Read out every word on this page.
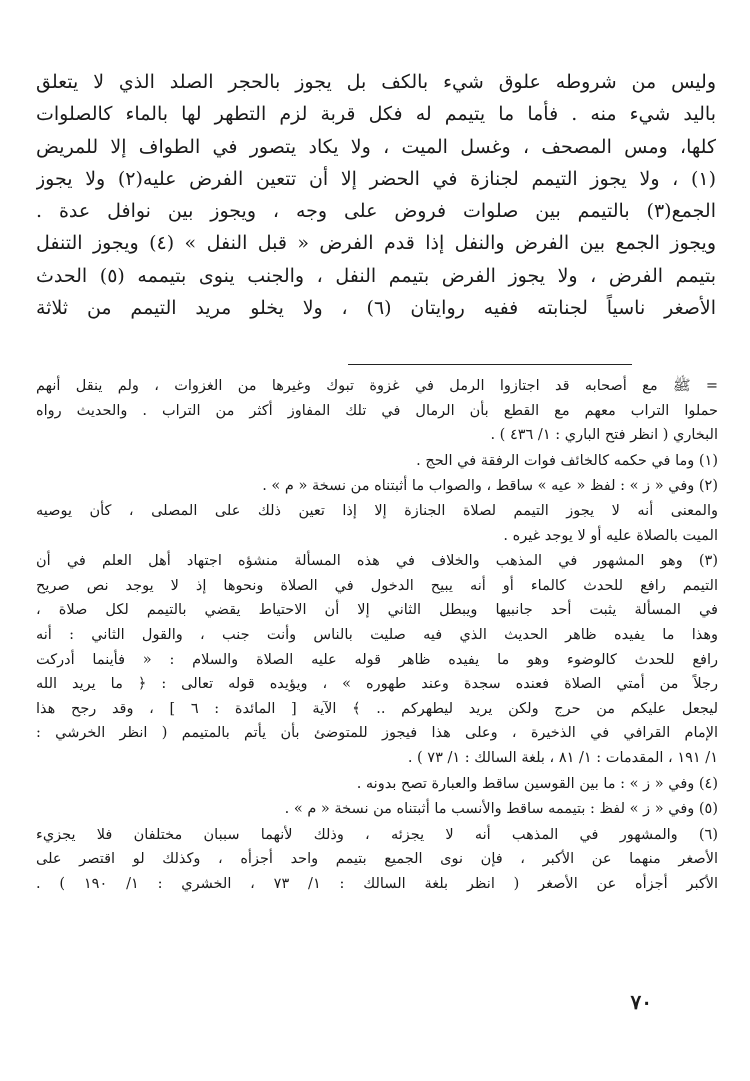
وليس من شروطه علوق شيء بالكف بل يجوز بالحجر الصلد الذي لا يتعلق
باليد شيء منه . فأما ما يتيمم له فكل قربة لزم التطهر لها بالماء كالصلوات
كلها، ومس المصحف ، وغسل الميت ، ولا يكاد يتصور في الطواف إلا للمريض
(١) ، ولا يجوز التيمم لجنازة في الحضر إلا أن تتعين الفرض عليه(٢) ولا يجوز
الجمع(٣) بالتيمم بين صلوات فروض على وجه ، ويجوز بين نوافل عدة .
ويجوز الجمع بين الفرض والنفل إذا قدم الفرض « قبل النفل » (٤) ويجوز التنفل
بتيمم الفرض ، ولا يجوز الفرض بتيمم النفل ، والجنب ينوى بتيممه (٥) الحدث
الأصغر ناسياً لجنابته ففيه روايتان (٦) ، ولا يخلو مريد التيمم من ثلاثة
= ﷺ مع أصحابه قد اجتازوا الرمل في غزوة تبوك وغيرها من الغزوات ، ولم ينقل أنهم
حملوا التراب معهم مع القطع بأن الرمال في تلك المفاوز أكثر من التراب . والحديث رواه
البخاري ( انظر فتح الباري : ١/ ٤٣٦ ) .
(١) وما في حكمه كالخائف فوات الرفقة في الحج .
(٢) وفي « ز » : لفظ « عيه » ساقط ، والصواب ما أثبتناه من نسخة « م » .
والمعنى أنه لا يجوز التيمم لصلاة الجنازة إلا إذا تعين ذلك على المصلى ، كأن يوصيه
الميت بالصلاة عليه أو لا يوجد غيره .
(٣) وهو المشهور في المذهب والخلاف في هذه المسألة منشؤه اجتهاد أهل العلم في أن
التيمم رافع للحدث كالماء أو أنه يبيح الدخول في الصلاة ونحوها إذ لا يوجد نص صريح
في المسألة يثبت أحد جانبيها ويبطل الثاني إلا أن الاحتياط يقضي بالتيمم لكل صلاة ،
وهذا ما يفيده ظاهر الحديث الذي فيه صليت بالناس وأنت جنب ، والقول الثاني : أنه
رافع للحدث كالوضوء وهو ما يفيده ظاهر قوله عليه الصلاة والسلام : « فأينما أدركت
رجلاً من أمتي الصلاة فعنده سجدة وعند طهوره » ، ويؤيده قوله تعالى : ﴿ ما يريد الله
ليجعل عليكم من حرج ولكن يريد ليطهركم .. ﴾ الآية [ المائدة : ٦ ] ، وقد رجح هذا
الإمام القرافي في الذخيرة ، وعلى هذا فيجوز للمتوضئ بأن يأتم بالمتيمم ( انظر الخرشي :
١/ ١٩١ ، المقدمات : ١/ ٨١ ، بلغة السالك : ١/ ٧٣ ) .
(٤) وفي « ز » : ما بين القوسين ساقط والعبارة تصح بدونه .
(٥) وفي « ز » لفظ : بتيممه ساقط والأنسب ما أثبتناه من نسخة « م » .
(٦) والمشهور في المذهب أنه لا يجزئه ، وذلك لأنهما سببان مختلفان فلا يجزيء
الأصغر منهما عن الأكبر ، فإن نوى الجميع بتيمم واحد أجزأه ، وكذلك لو اقتصر على
الأكبر أجزأه عن الأصغر ( انظر بلغة السالك : ١/ ٧٣ ، الخشري : ١/ ١٩٠ ) .
٧٠
